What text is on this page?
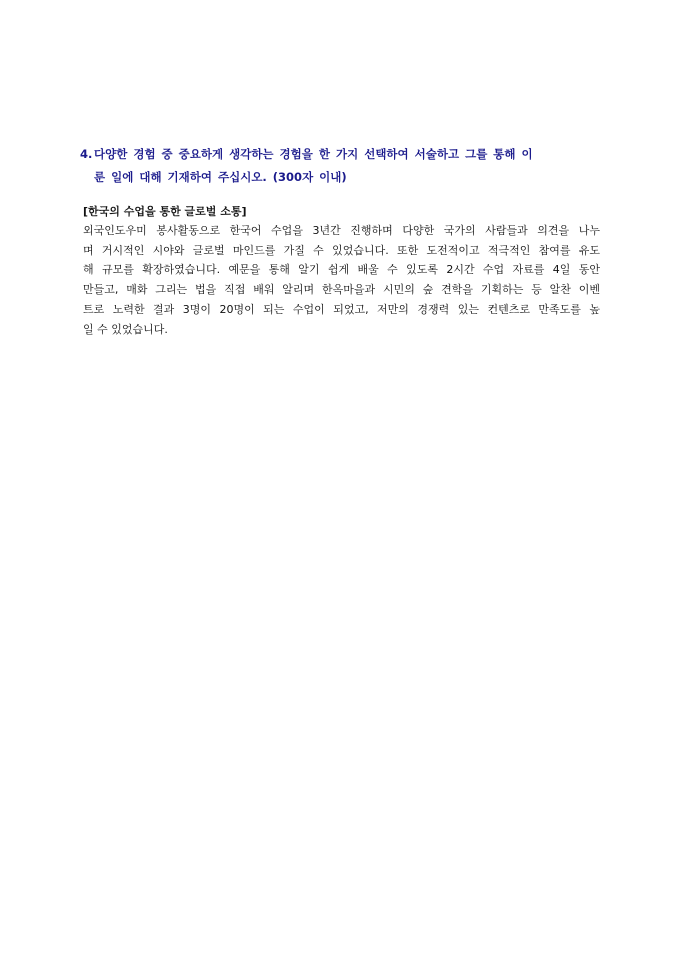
4. 다양한 경험 중 중요하게 생각하는 경험을 한 가지 선택하여 서술하고 그를 통해 이
룬 일에 대해 기재하여 주십시오. (300자 이내)
[한국의 수업을 통한 글로벌 소통]
외국인도우미 봉사활동으로 한국어 수업을 3년간 진행하며 다양한 국가의 사람들과 의견을 나누
며 거시적인 시야와 글로벌 마인드를 가질 수 있었습니다. 또한 도전적이고 적극적인 참여를 유도
해 규모를 확장하였습니다. 예문을 통해 알기 쉽게 배울 수 있도록 2시간 수업 자료를 4일 동안
만들고, 매화 그리는 법을 직접 배워 알리며 한옥마을과 시민의 숲 견학을 기획하는 등 알찬 이벤
트로 노력한 결과 3명이 20명이 되는 수업이 되었고, 저만의 경쟁력 있는 컨텐츠로 만족도를 높
일 수 있었습니다.
